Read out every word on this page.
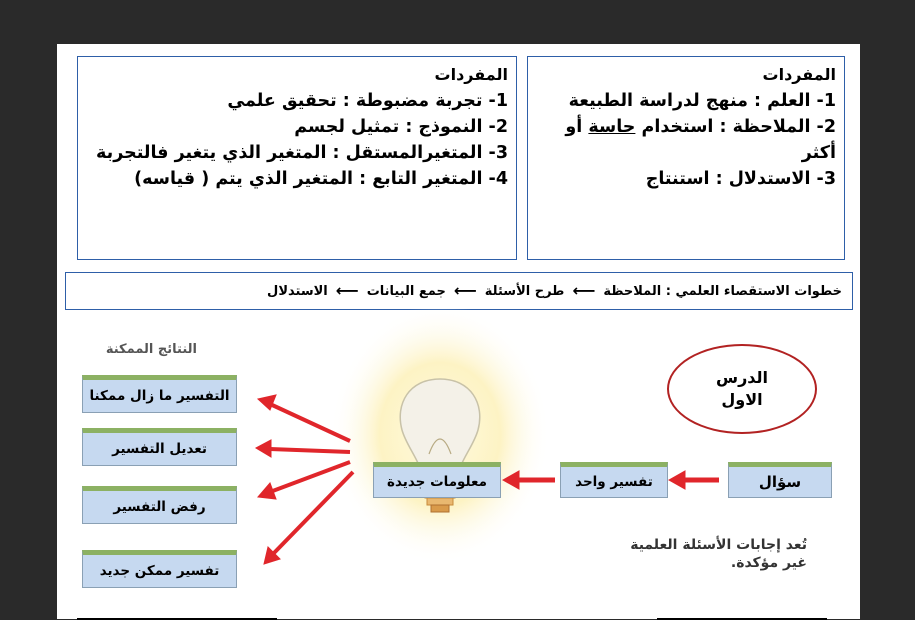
المفردات
1- العلم : منهج لدراسة الطبيعة
2- الملاحظة : استخدام حاسة أو أكثر
3- الاستدلال : استنتاج
المفردات
1- تجربة مضبوطة : تحقيق علمي
2- النموذج : تمثيل لجسم
3- المتغيرالمستقل : المتغير الذي يتغير فالتجربة
4- المتغير التابع : المتغير الذي يتم ( قياسه)
خطوات الاستقصاء العلمي : الملاحظة
⟵
طرح الأسئلة
⟵
جمع البيانات
⟵
الاستدلال
النتائج الممكنة
التفسير ما زال ممكنا
تعديل التفسير
رفض التفسير
تفسير ممكن جديد
معلومات جديدة	تفسير واحد	سؤال
الدرس
الاول
تُعد إجابات الأسئلة العلمية
غير مؤكدة.
